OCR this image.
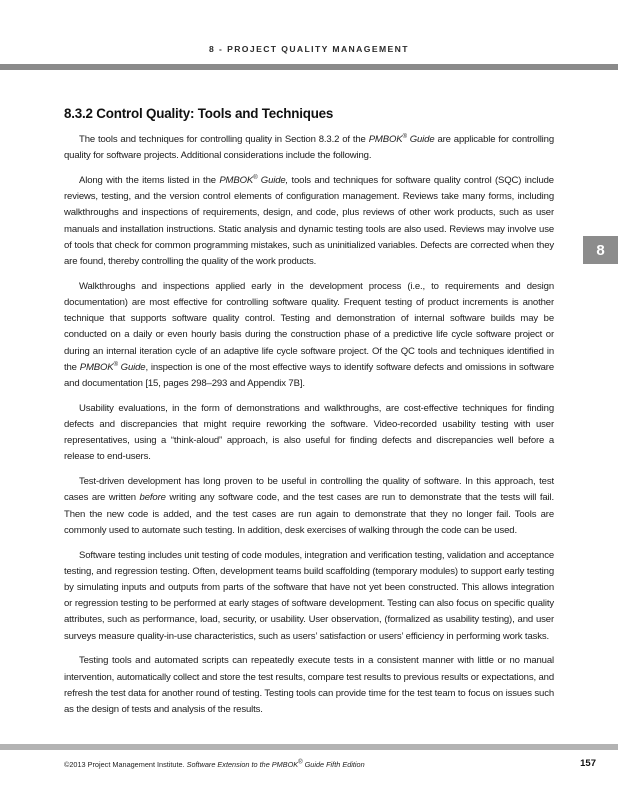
8 - PROJECT QUALITY MANAGEMENT
8
8.3.2 Control Quality: Tools and Techniques

The tools and techniques for controlling quality in Section 8.3.2 of the PMBOK® Guide are applicable for controlling quality for software projects. Additional considerations include the following.

Along with the items listed in the PMBOK® Guide, tools and techniques for software quality control (SQC) include reviews, testing, and the version control elements of configuration management. Reviews take many forms, including walkthroughs and inspections of requirements, design, and code, plus reviews of other work products, such as user manuals and installation instructions. Static analysis and dynamic testing tools are also used. Reviews may involve use of tools that check for common programming mistakes, such as uninitialized variables. Defects are corrected when they are found, thereby controlling the quality of the work products.

Walkthroughs and inspections applied early in the development process (i.e., to requirements and design documentation) are most effective for controlling software quality. Frequent testing of product increments is another technique that supports software quality control. Testing and demonstration of internal software builds may be conducted on a daily or even hourly basis during the construction phase of a predictive life cycle software project or during an internal iteration cycle of an adaptive life cycle software project. Of the QC tools and techniques identified in the PMBOK® Guide, inspection is one of the most effective ways to identify software defects and omissions in software and documentation [15, pages 298–293 and Appendix 7B].

Usability evaluations, in the form of demonstrations and walkthroughs, are cost-effective techniques for finding defects and discrepancies that might require reworking the software. Video-recorded usability testing with user representatives, using a “think-aloud” approach, is also useful for finding defects and discrepancies well before a release to end-users.

Test-driven development has long proven to be useful in controlling the quality of software. In this approach, test cases are written before writing any software code, and the test cases are run to demonstrate that the tests will fail. Then the new code is added, and the test cases are run again to demonstrate that they no longer fail. Tools are commonly used to automate such testing. In addition, desk exercises of walking through the code can be used.

Software testing includes unit testing of code modules, integration and verification testing, validation and acceptance testing, and regression testing. Often, development teams build scaffolding (temporary modules) to support early testing by simulating inputs and outputs from parts of the software that have not yet been constructed. This allows integration or regression testing to be performed at early stages of software development. Testing can also focus on specific quality attributes, such as performance, load, security, or usability. User observation, (formalized as usability testing), and user surveys measure quality-in-use characteristics, such as users’ satisfaction or users’ efficiency in performing work tasks.

Testing tools and automated scripts can repeatedly execute tests in a consistent manner with little or no manual intervention, automatically collect and store the test results, compare test results to previous results or expectations, and refresh the test data for another round of testing. Testing tools can provide time for the test team to focus on issues such as the design of tests and analysis of the results.

©2013 Project Management Institute. Software Extension to the PMBOK® Guide Fifth Edition	157
